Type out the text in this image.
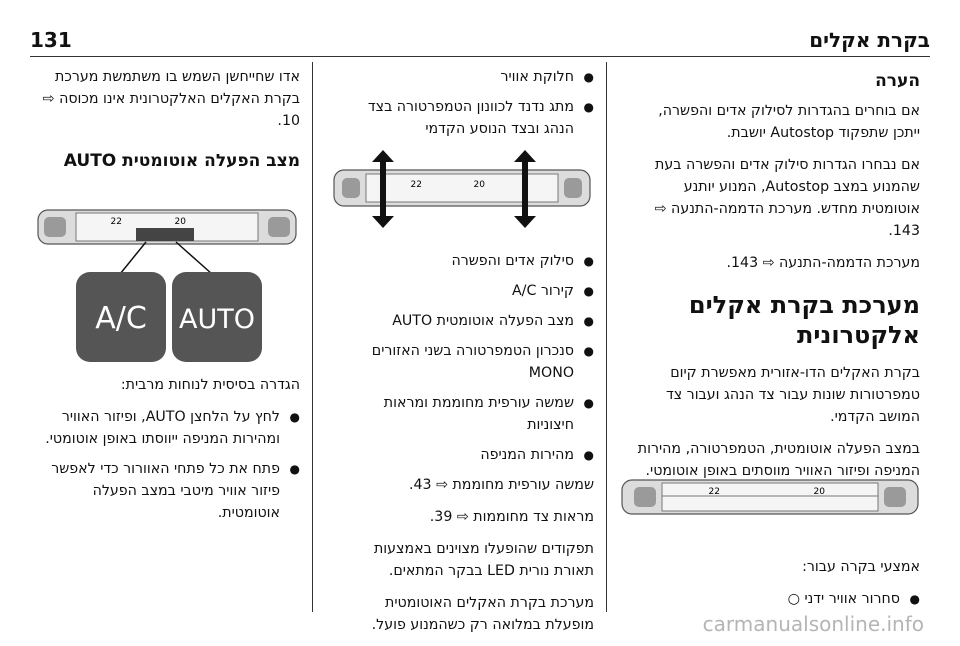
131	בקרת אקלים
הערה

אם בוחרים בהגדרות לסילוק אדים והפשרה, ייתכן שתפקוד Autostop יושבת.

אם נבחרו הגדרות סילוק אדים והפשרה בעת שהמנוע במצב Autostop, המנוע יותנע אוטומטית מחדש. מערכת הדממה-התנעה ⇨ 143.

מערכת הדממה-התנעה ⇨ 143.

מערכת בקרת אקלים אלקטרונית

בקרת האקלים הדו-אזורית מאפשרת קיום טמפרטורות שונות עבור צד הנהג ועבור צד המושב הקדמי.

במצב הפעלה אוטומטית, הטמפרטורה, מהירות המניפה ופיזור האוויר מווסתים באופן אוטומטי.

22	20

אמצעי בקרה עבור:

● סחרור אוויר ידני ○
● חלוקת אוויר
● מתג נדנד לכוונון הטמפרטורה בצד הנהג ובצד הנוסע הקדמי
22	20
● סילוק אדים והפשרה
● קירור A/C
● מצב הפעלה אוטומטית AUTO
● סנכרון הטמפרטורה בשני האזורים MONO
● שמשה עורפית מחוממת ומראות חיצוניות
● מהירות המניפה

שמשה עורפית מחוממת ⇨ 43.

מראות צד מחוממות ⇨ 39.

תפקודים שהופעלו מצוינים באמצעות תאורת נורית LED בבקר המתאים.

מערכת בקרת האקלים האוטומטית מופעלת במלואה רק כשהמנוע פועל.

אדו שחייחשן השמש בו משתמשת מערכת בקרת האקלים האלקטרונית אינו מכוסה ⇨ 10.

מצב הפעלה אוטומטית AUTO
22	20
A/C AUTO

הגדרה בסיסית לנוחות מרבית:

● לחץ על הלחצן AUTO, ופיזור האוויר ומהירות המניפה ייווסתו באופן אוטומטי.
● פתח את כל פתחי האוורור כדי לאפשר פיזור אוויר מיטבי במצב הפעלה אוטומטית.
carmanualsonline.info
